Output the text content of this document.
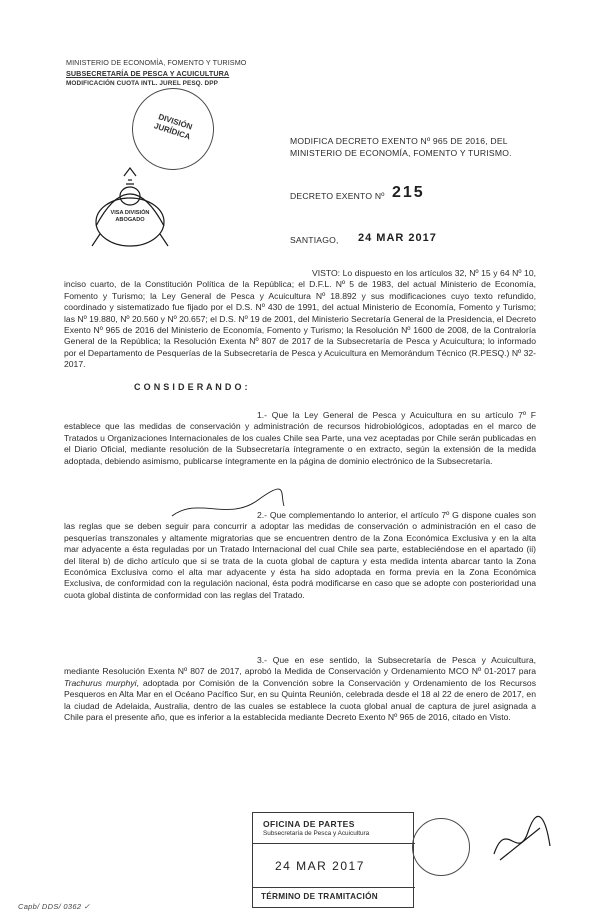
MINISTERIO DE ECONOMÍA, FOMENTO Y TURISMO
SUBSECRETARÍA DE PESCA Y ACUICULTURA
MODIFICACIÓN CUOTA INTL. JUREL PESQ. DPP
DIVISIÓN JURÍDICA
VISA DIVISIÓN ABOGADO
MODIFICA DECRETO EXENTO Nº 965 DE 2016, DEL
MINISTERIO DE ECONOMÍA, FOMENTO Y TURISMO.
DECRETO EXENTO Nº 215
SANTIAGO, 24 MAR 2017
VISTO: Lo dispuesto en los artículos 32, Nº 15 y 64 Nº 10, inciso cuarto, de la Constitución Política de la República; el D.F.L. Nº 5 de 1983, del actual Ministerio de Economía, Fomento y Turismo; la Ley General de Pesca y Acuicultura Nº 18.892 y sus modificaciones cuyo texto refundido, coordinado y sistematizado fue fijado por el D.S. Nº 430 de 1991, del actual Ministerio de Economía, Fomento y Turismo; las Nº 19.880, Nº 20.560 y Nº 20.657; el D.S. Nº 19 de 2001, del Ministerio Secretaría General de la Presidencia, el Decreto Exento Nº 965 de 2016 del Ministerio de Economía, Fomento y Turismo; la Resolución Nº 1600 de 2008, de la Contraloría General de la República; la Resolución Exenta Nº 807 de 2017 de la Subsecretaría de Pesca y Acuicultura; lo informado por el Departamento de Pesquerías de la Subsecretaría de Pesca y Acuicultura en Memorándum Técnico (R.PESQ.) Nº 32-2017.
C O N S I D E R A N D O :
1.- Que la Ley General de Pesca y Acuicultura en su artículo 7º F establece que las medidas de conservación y administración de recursos hidrobiológicos, adoptadas en el marco de Tratados u Organizaciones Internacionales de los cuales Chile sea Parte, una vez aceptadas por Chile serán publicadas en el Diario Oficial, mediante resolución de la Subsecretaría íntegramente o en extracto, según la extensión de la medida adoptada, debiendo asimismo, publicarse íntegramente en la página de dominio electrónico de la Subsecretaría.
2.- Que complementando lo anterior, el artículo 7º G dispone cuales son las reglas que se deben seguir para concurrir a adoptar las medidas de conservación o administración en el caso de pesquerías transzonales y altamente migratorias que se encuentren dentro de la Zona Económica Exclusiva y en la alta mar adyacente a ésta reguladas por un Tratado Internacional del cual Chile sea parte, estableciéndose en el apartado (ii) del literal b) de dicho artículo que si se trata de la cuota global de captura y esta medida intenta abarcar tanto la Zona Económica Exclusiva como el alta mar adyacente y ésta ha sido adoptada en forma previa en la Zona Económica Exclusiva, de conformidad con la regulación nacional, ésta podrá modificarse en caso que se adopte con posterioridad una cuota global distinta de conformidad con las reglas del Tratado.
3.- Que en ese sentido, la Subsecretaría de Pesca y Acuicultura, mediante Resolución Exenta Nº 807 de 2017, aprobó la Medida de Conservación y Ordenamiento MCO Nº 01-2017 para Trachurus murphyi, adoptada por Comisión de la Convención sobre la Conservación y Ordenamiento de los Recursos Pesqueros en Alta Mar en el Océano Pacífico Sur, en su Quinta Reunión, celebrada desde el 18 al 22 de enero de 2017, en la ciudad de Adelaida, Australia, dentro de las cuales se establece la cuota global anual de captura de jurel asignada a Chile para el presente año, que es inferior a la establecida mediante Decreto Exento Nº 965 de 2016, citado en Visto.
OFICINA DE PARTES
Subsecretaría de Pesca y Acuicultura
24 MAR 2017
TÉRMINO DE TRAMITACIÓN
Capb/ DDS/ 0362 ✓
